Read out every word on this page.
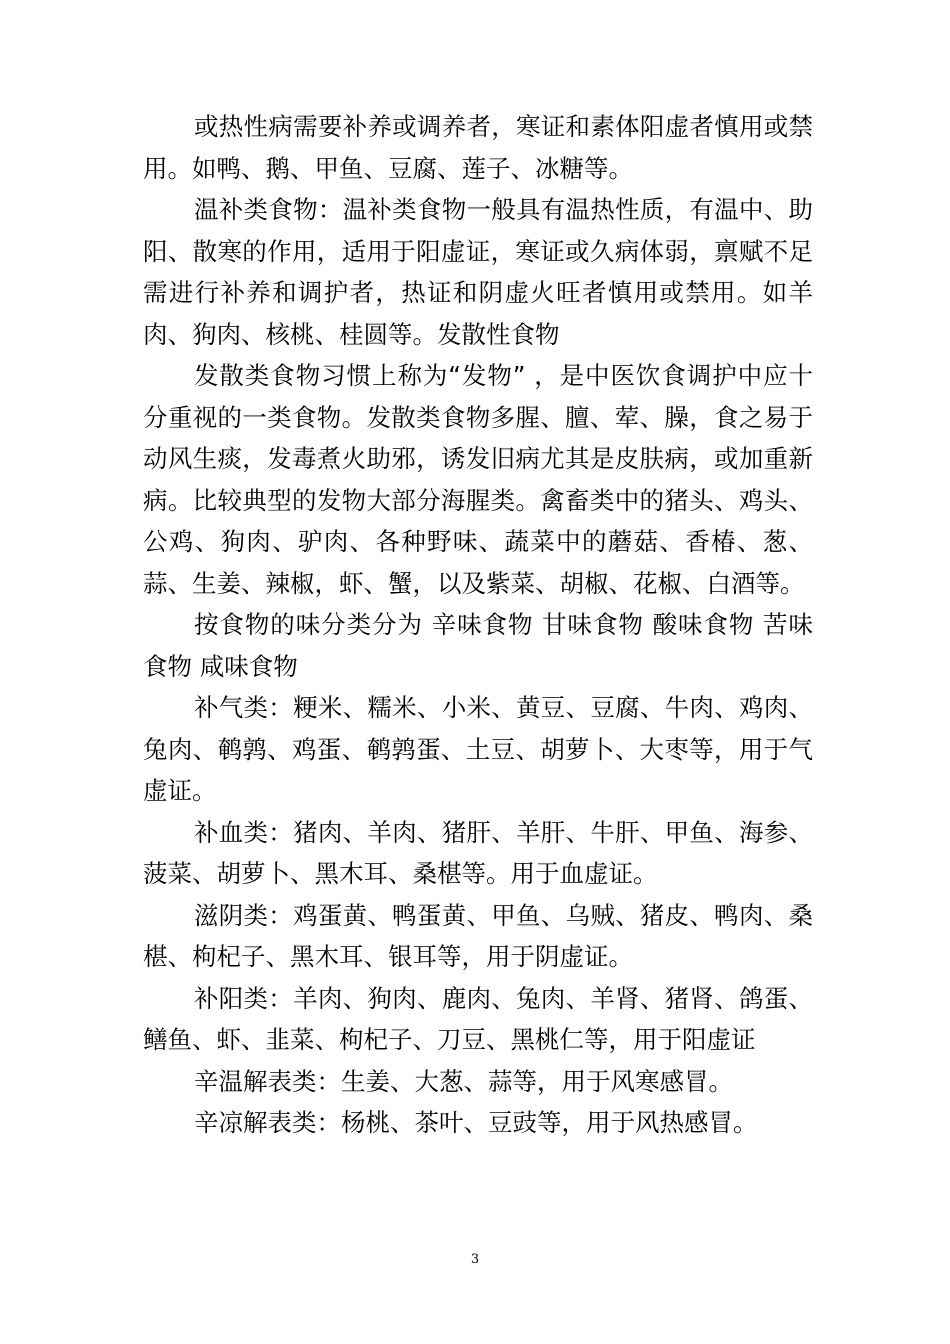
或热性病需要补养或调养者，寒证和素体阳虚者慎用或禁用。如鸭、鹅、甲鱼、豆腐、莲子、冰糖等。

温补类食物：温补类食物一般具有温热性质，有温中、助阳、散寒的作用，适用于阳虚证，寒证或久病体弱，禀赋不足需进行补养和调护者，热证和阴虚火旺者慎用或禁用。如羊肉、狗肉、核桃、桂圆等。发散性食物

发散类食物习惯上称为“发物” ，是中医饮食调护中应十分重视的一类食物。发散类食物多腥、膻、荤、臊，食之易于动风生痰，发毒煮火助邪，诱发旧病尤其是皮肤病，或加重新病。比较典型的发物大部分海腥类。禽畜类中的猪头、鸡头、公鸡、狗肉、驴肉、各种野味、蔬菜中的蘑菇、香椿、葱、蒜、生姜、辣椒，虾、蟹，以及紫菜、胡椒、花椒、白酒等。

按食物的味分类分为 辛味食物 甘味食物 酸味食物 苦味食物 咸味食物

补气类：粳米、糯米、小米、黄豆、豆腐、牛肉、鸡肉、兔肉、鹌鹑、鸡蛋、鹌鹑蛋、土豆、胡萝卜、大枣等，用于气虚证。

补血类：猪肉、羊肉、猪肝、羊肝、牛肝、甲鱼、海参、菠菜、胡萝卜、黑木耳、桑椹等。用于血虚证。

滋阴类：鸡蛋黄、鸭蛋黄、甲鱼、乌贼、猪皮、鸭肉、桑椹、枸杞子、黑木耳、银耳等，用于阴虚证。

补阳类：羊肉、狗肉、鹿肉、兔肉、羊肾、猪肾、鸽蛋、鳝鱼、虾、韭菜、枸杞子、刀豆、黑桃仁等，用于阳虚证

辛温解表类：生姜、大葱、蒜等，用于风寒感冒。

辛凉解表类：杨桃、茶叶、豆豉等，用于风热感冒。

3
